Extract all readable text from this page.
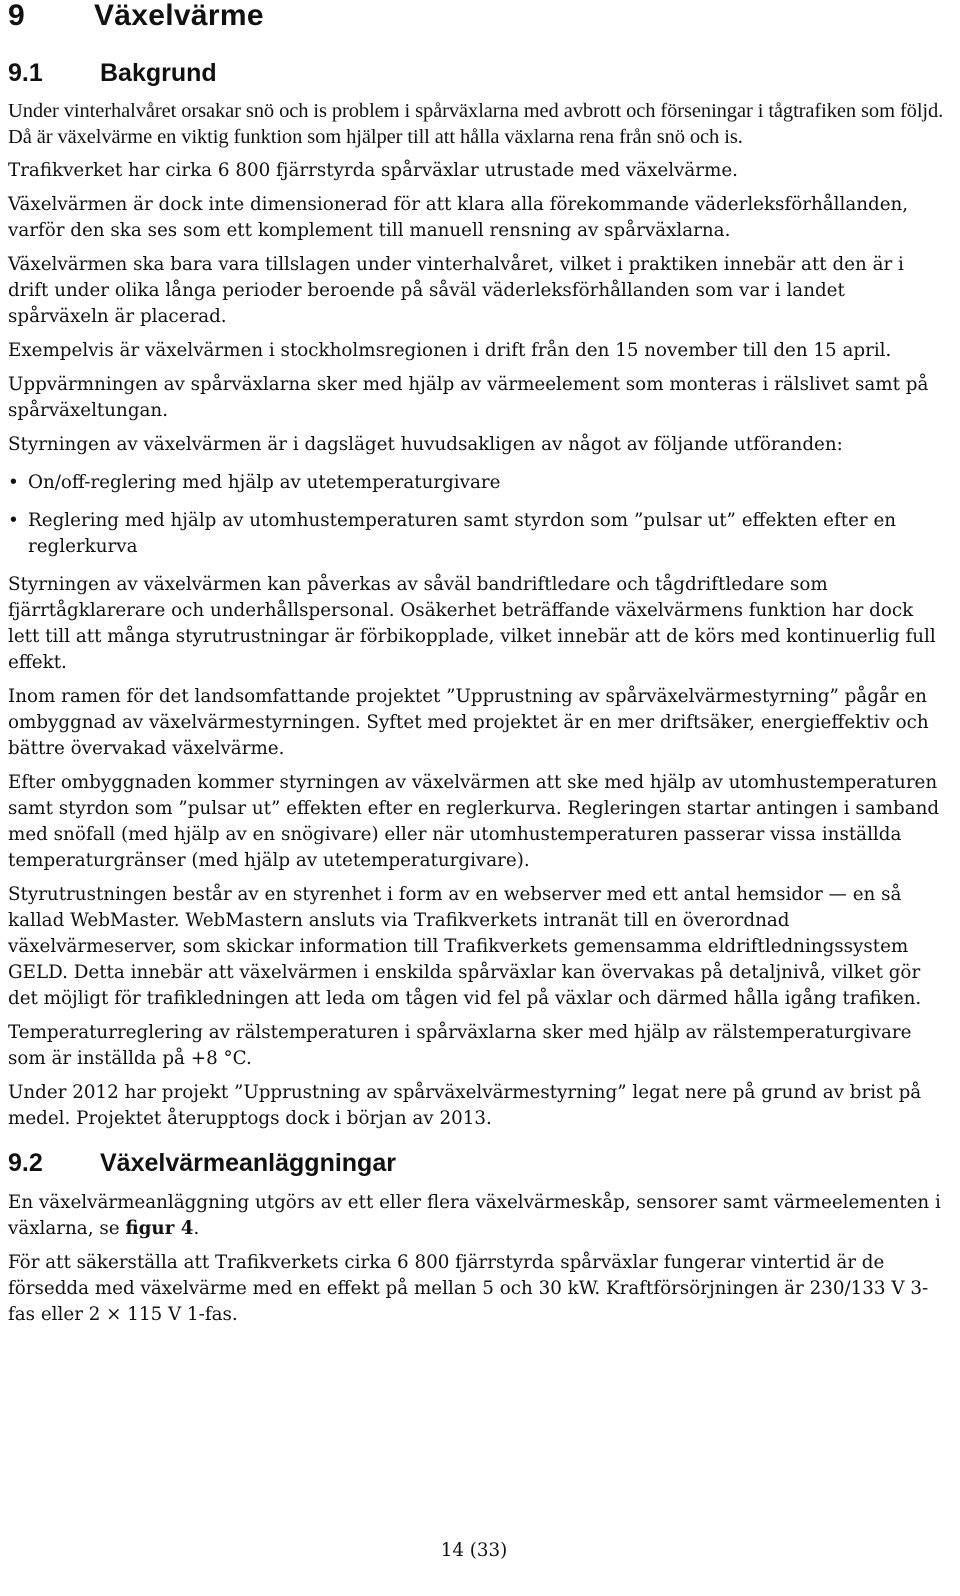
9 Växelvärme
9.1 Bakgrund

Under vinterhalvåret orsakar snö och is problem i spårväxlarna med avbrott och förseningar i tågtrafiken som följd. Då är växelvärme en viktig funktion som hjälper till att hålla växlarna rena från snö och is.

Trafikverket har cirka 6 800 fjärrstyrda spårväxlar utrustade med växelvärme.

Växelvärmen är dock inte dimensionerad för att klara alla förekommande väderleksförhållanden, varför den ska ses som ett komplement till manuell rensning av spårväxlarna.

Växelvärmen ska bara vara tillslagen under vinterhalvåret, vilket i praktiken innebär att den är i drift under olika långa perioder beroende på såväl väderleksförhållanden som var i landet spårväxeln är placerad.

Exempelvis är växelvärmen i stockholmsregionen i drift från den 15 november till den 15 april.

Uppvärmningen av spårväxlarna sker med hjälp av värmeelement som monteras i rälslivet samt på spårväxeltungan.

Styrningen av växelvärmen är i dagsläget huvudsakligen av något av följande utföranden:

• On/off-reglering med hjälp av utetemperaturgivare
• Reglering med hjälp av utomhustemperaturen samt styrdon som ”pulsar ut” effekten efter en reglerkurva

Styrningen av växelvärmen kan påverkas av såväl bandriftledare och tågdriftledare som fjärrtågklarerare och underhållspersonal. Osäkerhet beträffande växelvärmens funktion har dock lett till att många styrutrustningar är förbikopplade, vilket innebär att de körs med kontinuerlig full effekt.

Inom ramen för det landsomfattande projektet ”Upprustning av spårväxelvärmestyrning” pågår en ombyggnad av växelvärmestyrningen. Syftet med projektet är en mer driftsäker, energieffektiv och bättre övervakad växelvärme.

Efter ombyggnaden kommer styrningen av växelvärmen att ske med hjälp av utomhustemperaturen samt styrdon som ”pulsar ut” effekten efter en reglerkurva. Regleringen startar antingen i samband med snöfall (med hjälp av en snögivare) eller när utomhustemperaturen passerar vissa inställda temperaturgränser (med hjälp av utetemperaturgivare).

Styrutrustningen består av en styrenhet i form av en webserver med ett antal hemsidor — en så kallad WebMaster. WebMastern ansluts via Trafikverkets intranät till en överordnad växelvärmeserver, som skickar information till Trafikverkets gemensamma eldriftledningssystem GELD. Detta innebär att växelvärmen i enskilda spårväxlar kan övervakas på detaljnivå, vilket gör det möjligt för trafikledningen att leda om tågen vid fel på växlar och därmed hålla igång trafiken.

Temperaturreglering av rälstemperaturen i spårväxlarna sker med hjälp av rälstemperaturgivare som är inställda på +8 °C.

Under 2012 har projekt ”Upprustning av spårväxelvärmestyrning” legat nere på grund av brist på medel. Projektet återupptogs dock i början av 2013.

9.2 Växelvärmeanläggningar

En växelvärmeanläggning utgörs av ett eller flera växelvärmeskåp, sensorer samt värmeelementen i växlarna, se figur 4.

För att säkerställa att Trafikverkets cirka 6 800 fjärrstyrda spårväxlar fungerar vintertid är de försedda med växelvärme med en effekt på mellan 5 och 30 kW. Kraftförsörjningen är 230/133 V 3-fas eller 2 × 115 V 1-fas.

14 (33)
